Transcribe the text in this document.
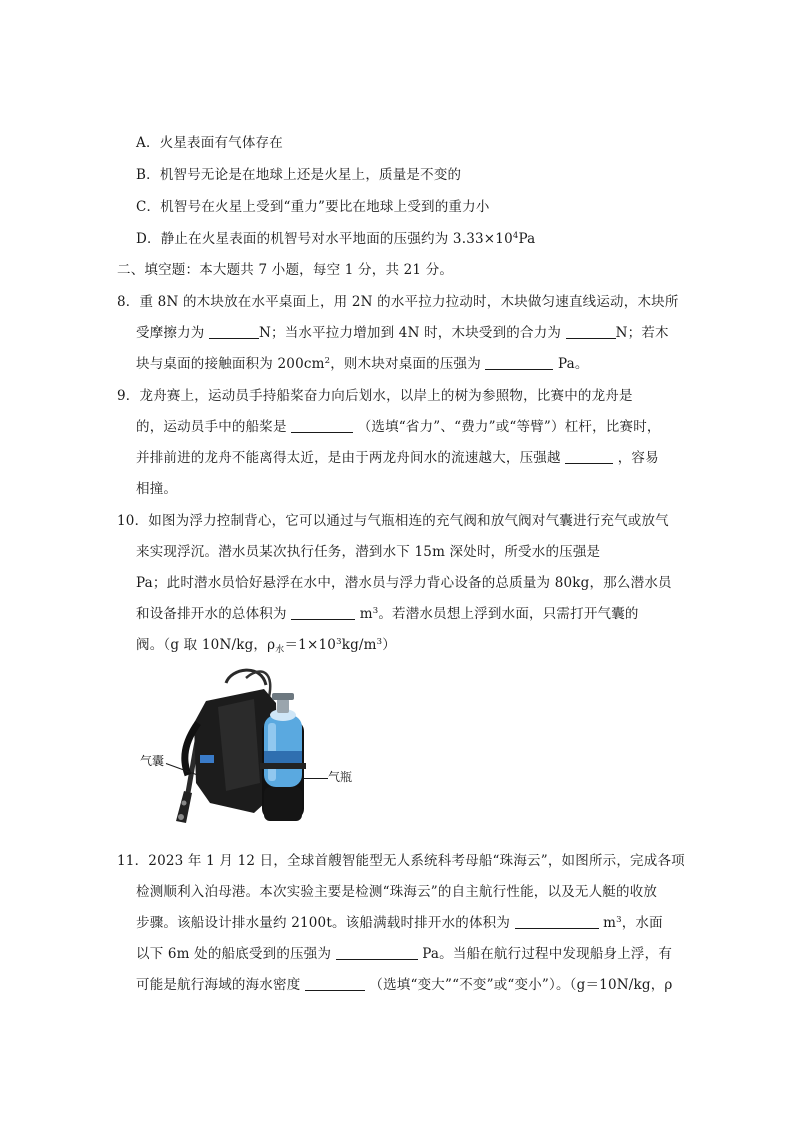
A．火星表面有气体存在
B．机智号无论是在地球上还是火星上，质量是不变的
C．机智号在火星上受到“重力”要比在地球上受到的重力小
D．静止在火星表面的机智号对水平地面的压强约为 $3.33\times 10^4Pa$
二、填空题：本大题共 7 小题，每空 1 分，共 21 分。
8．重 8N 的木块放在水平桌面上，用 2N 的水平拉力拉动时，木块做匀速直线运动，木块所
受摩擦力为	N；当水平拉力增加到 4N 时，木块受到的合力为	N；若木
块与桌面的接触面积为 $200cm^2$，则木块对桌面的压强为	Pa。
9．龙舟赛上，运动员手持船桨奋力向后划水，以岸上的树为参照物，比赛中的龙舟是
的，运动员手中的船桨是	（选填“省力”、“费力”或“等臂”）杠杆，比赛时，
并排前进的龙舟不能离得太近，是由于两龙舟间水的流速越大，压强越	，容易
相撞。
10．如图为浮力控制背心，它可以通过与气瓶相连的充气阀和放气阀对气囊进行充气或放气
来实现浮沉。潜水员某次执行任务，潜到水下 15m 深处时，所受水的压强是
Pa；此时潜水员恰好悬浮在水中，潜水员与浮力背心设备的总质量为 80kg，那么潜水员
和设备排开水的总体积为	$m^3$。若潜水员想上浮到水面，只需打开气囊的
阀。（g 取 10N/kg，$\rho_水=1\times 10^3kg/m^3$）
气囊
气瓶
11．2023 年 1 月 12 日，全球首艘智能型无人系统科考母船“珠海云”，如图所示，完成各项
检测顺利入泊母港。本次实验主要是检测“珠海云”的自主航行性能，以及无人艇的收放
步骤。该船设计排水量约 2100t。该船满载时排开水的体积为	$m^3$，水面
以下 6m 处的船底受到的压强为	Pa。当船在航行过程中发现船身上浮，有
可能是航行海域的海水密度	（选填“变大”“不变”或“变小”）。（g＝10N/kg，ρ
